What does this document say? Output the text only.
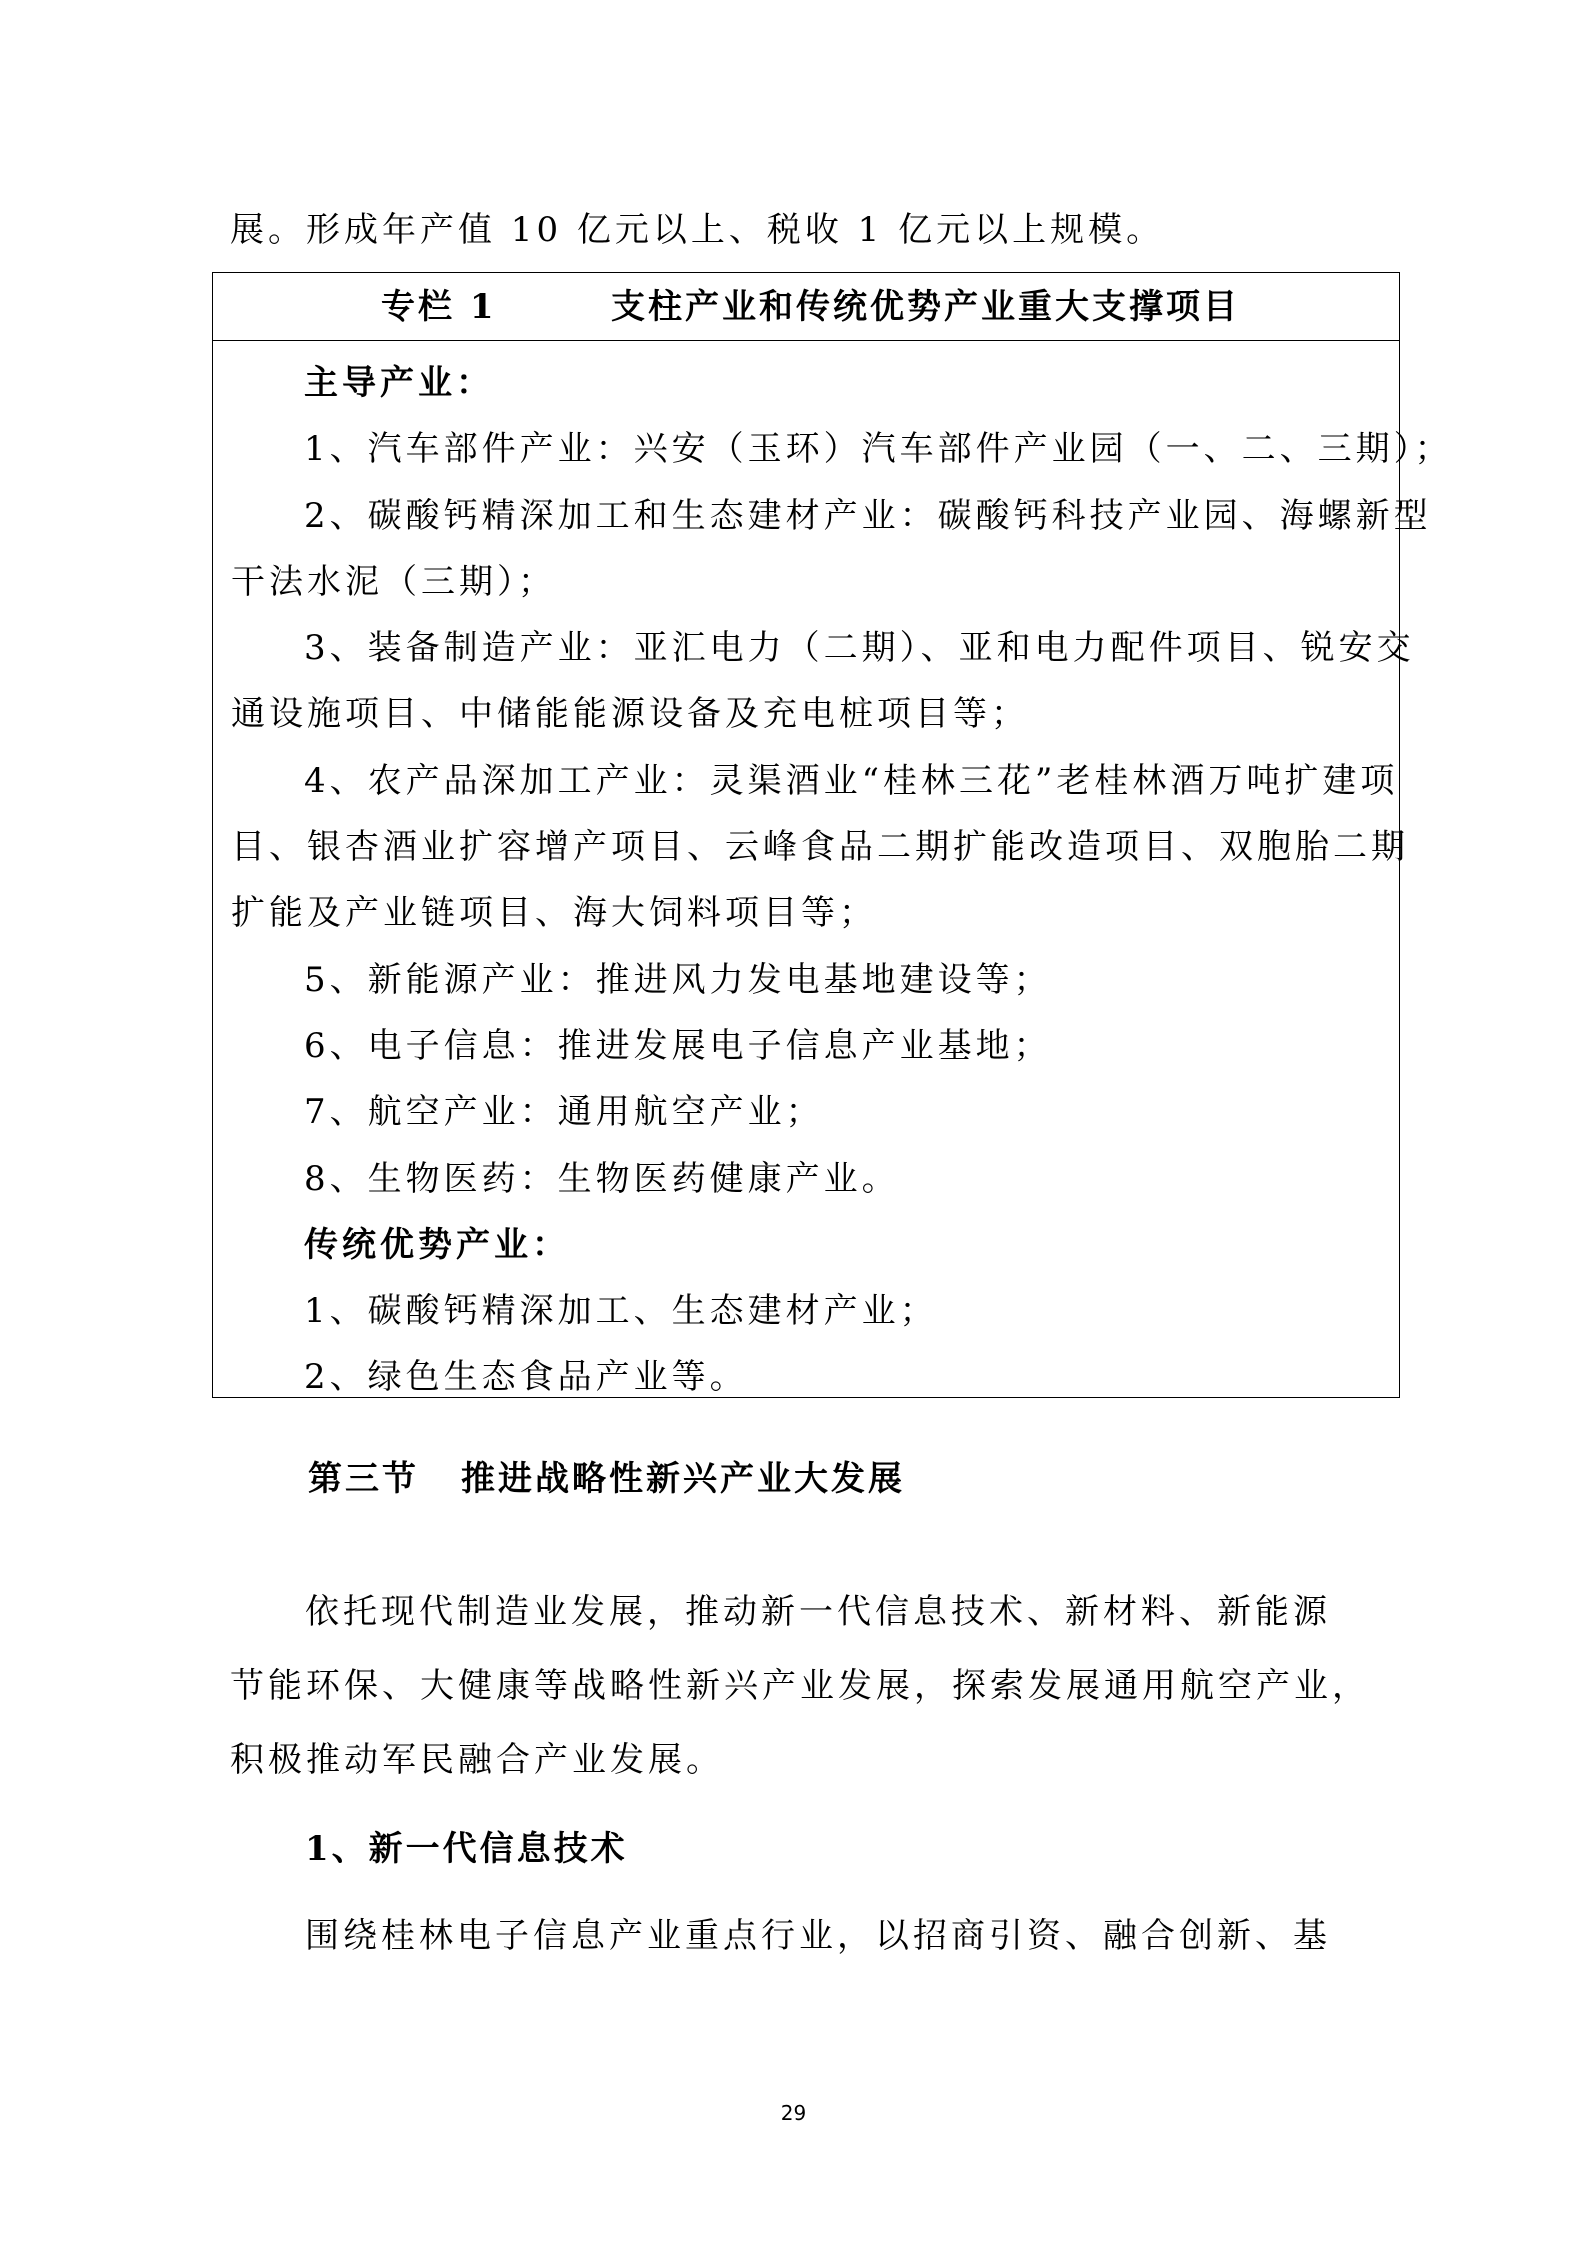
展。形成年产值 10 亿元以上、税收 1 亿元以上规模。
专栏 1	支柱产业和传统优势产业重大支撑项目
主导产业：
1、汽车部件产业：兴安（玉环）汽车部件产业园（一、二、三期）；
2、碳酸钙精深加工和生态建材产业：碳酸钙科技产业园、海螺新型
干法水泥（三期）；
3、装备制造产业：亚汇电力（二期）、亚和电力配件项目、锐安交
通设施项目、中储能能源设备及充电桩项目等；
4、农产品深加工产业：灵渠酒业“桂林三花”老桂林酒万吨扩建项
目、银杏酒业扩容增产项目、云峰食品二期扩能改造项目、双胞胎二期
扩能及产业链项目、海大饲料项目等；
5、新能源产业：推进风力发电基地建设等；
6、电子信息：推进发展电子信息产业基地；
7、航空产业：通用航空产业；
8、生物医药：生物医药健康产业。
传统优势产业：
1、碳酸钙精深加工、生态建材产业；
2、绿色生态食品产业等。
第三节 推进战略性新兴产业大发展
依托现代制造业发展，推动新一代信息技术、新材料、新能源
节能环保、大健康等战略性新兴产业发展，探索发展通用航空产业，
积极推动军民融合产业发展。
1、新一代信息技术
围绕桂林电子信息产业重点行业，以招商引资、融合创新、基
29
